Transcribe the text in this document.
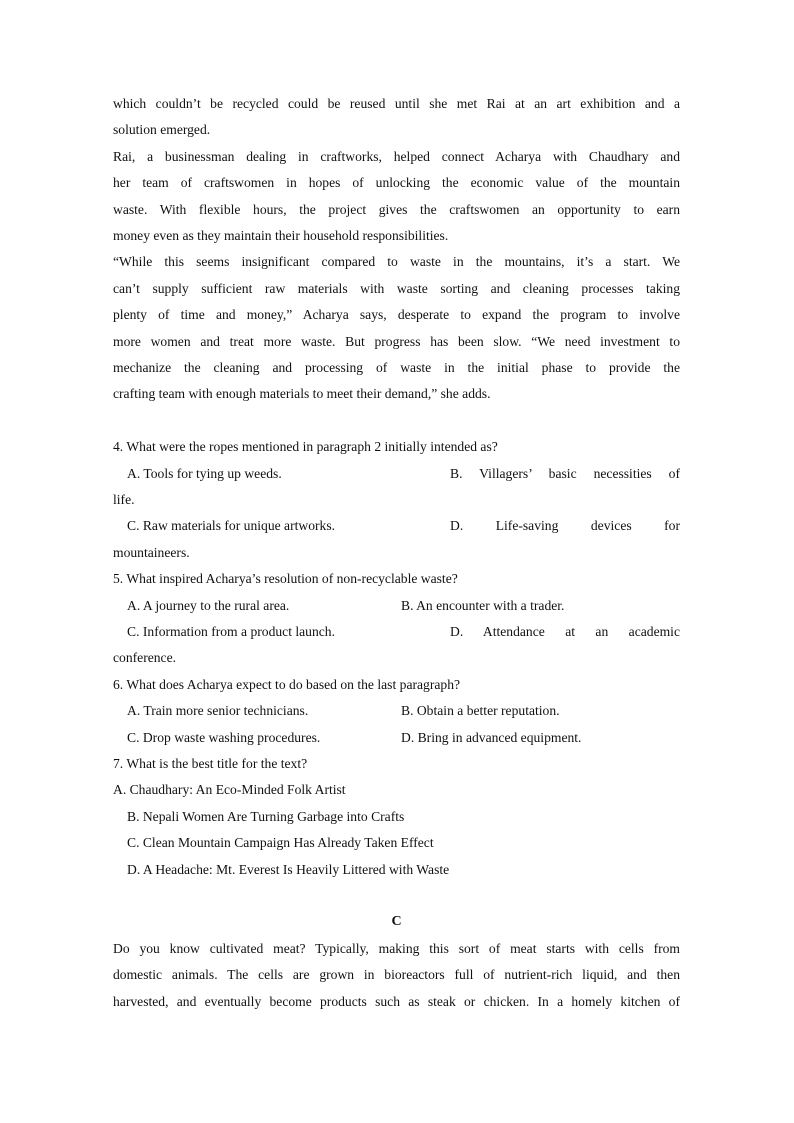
which couldn’t be recycled could be reused until she met Rai at an art exhibition and a
solution emerged.
Rai, a businessman dealing in craftworks, helped connect Acharya with Chaudhary and
her team of craftswomen in hopes of unlocking the economic value of the mountain
waste. With flexible hours, the project gives the craftswomen an opportunity to earn
money even as they maintain their household responsibilities.
“While this seems insignificant compared to waste in the mountains, it’s a start. We
can’t supply sufficient raw materials with waste sorting and cleaning processes taking
plenty of time and money,” Acharya says, desperate to expand the program to involve
more women and treat more waste. But progress has been slow. “We need investment to
mechanize the cleaning and processing of waste in the initial phase to provide the
crafting team with enough materials to meet their demand,” she adds.
4. What were the ropes mentioned in paragraph 2 initially intended as?
A. Tools for tying up weeds.	B. Villagers’ basic necessities of
life.
C. Raw materials for unique artworks.	D. Life-saving devices for
mountaineers.
5. What inspired Acharya’s resolution of non-recyclable waste?
A. A journey to the rural area.	B. An encounter with a trader.
C. Information from a product launch.	D. Attendance at an academic
conference.
6. What does Acharya expect to do based on the last paragraph?
A. Train more senior technicians.	B. Obtain a better reputation.
C. Drop waste washing procedures.	D. Bring in advanced equipment.
7. What is the best title for the text?
A. Chaudhary: An Eco-Minded Folk Artist
B. Nepali Women Are Turning Garbage into Crafts
C. Clean Mountain Campaign Has Already Taken Effect
D. A Headache: Mt. Everest Is Heavily Littered with Waste
C
Do you know cultivated meat? Typically, making this sort of meat starts with cells from
domestic animals. The cells are grown in bioreactors full of nutrient-rich liquid, and then
harvested, and eventually become products such as steak or chicken. In a homely kitchen of
